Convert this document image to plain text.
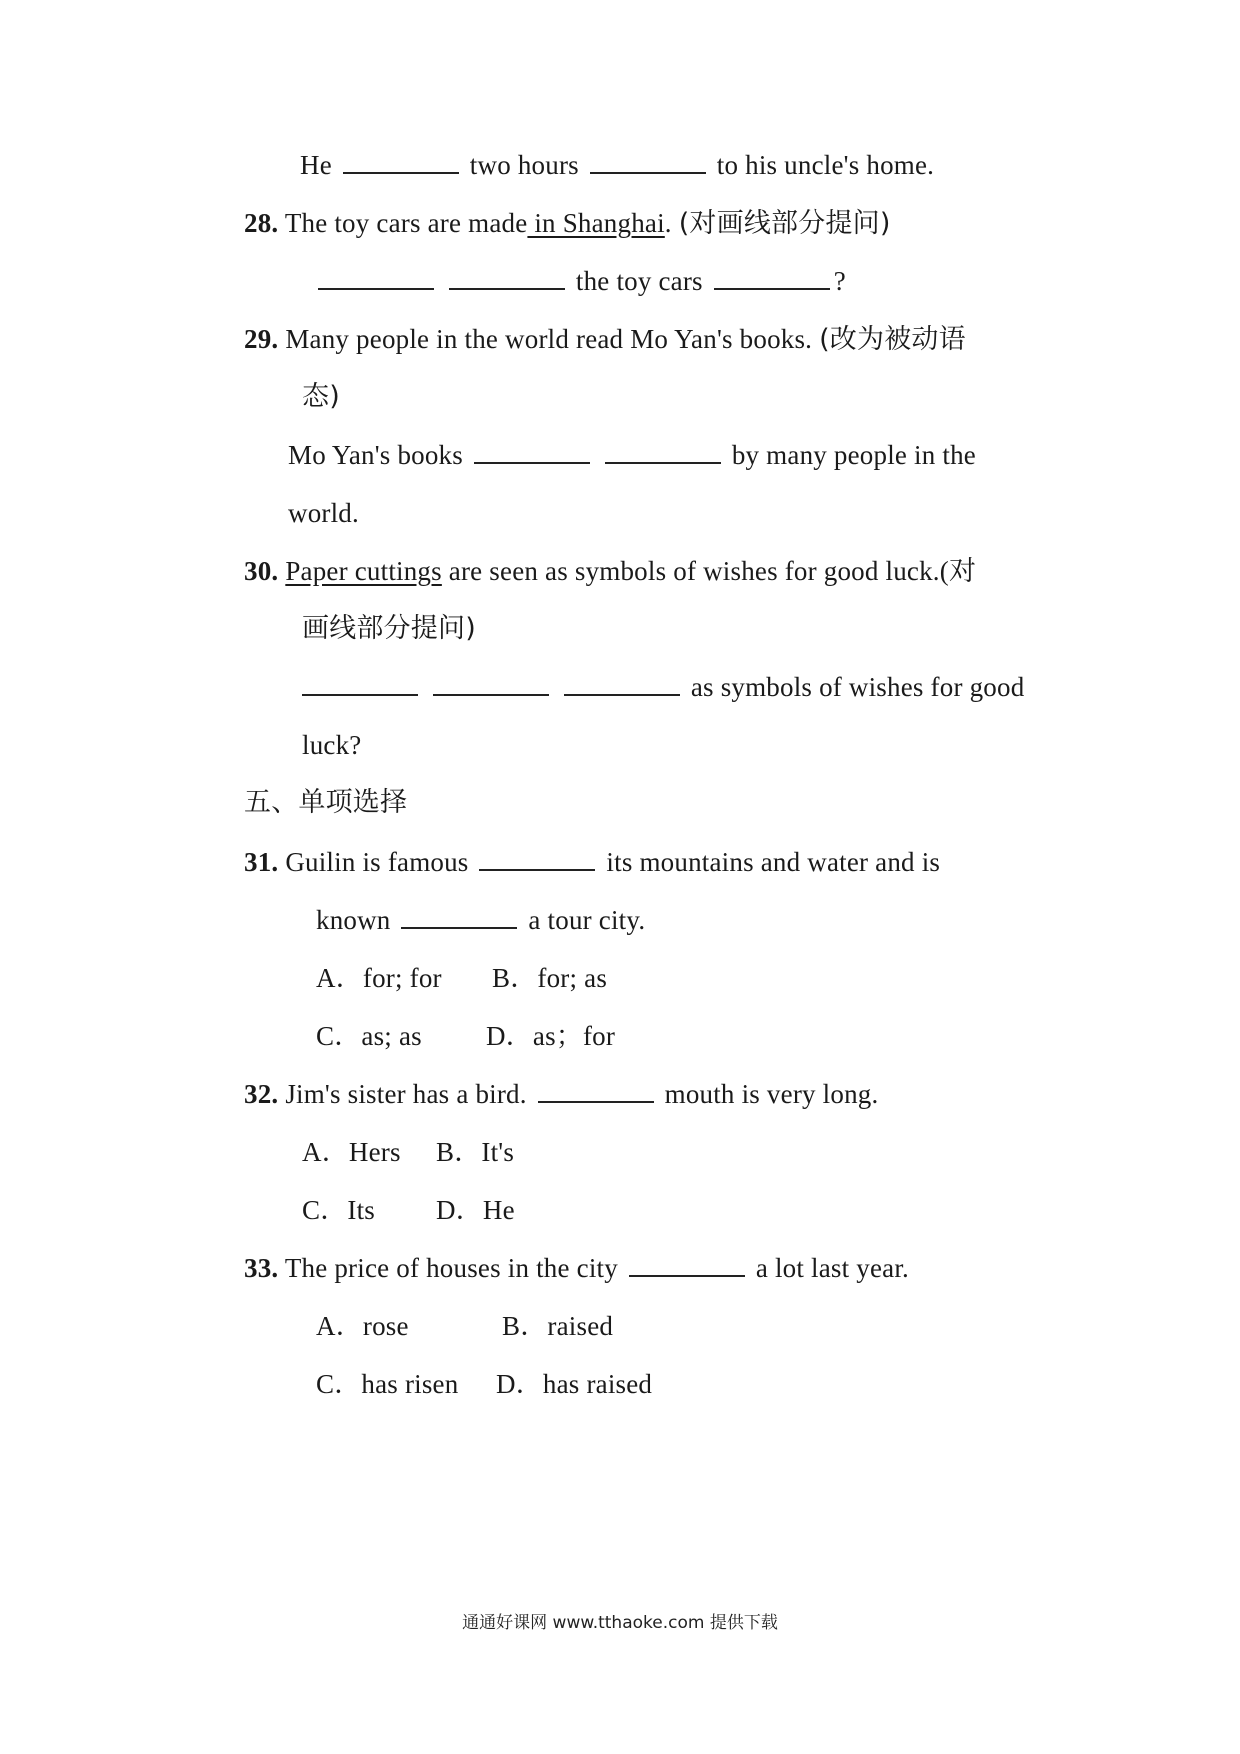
He	two hours	to his uncle's home.
28. The toy cars are made in Shanghai. (对画线部分提问)
the toy cars	?
29. Many people in the world read Mo Yan's books. (改为被动语
态)
Mo Yan's books	by many people in the
world.
30. Paper cuttings are seen as symbols of wishes for good luck.(对
画线部分提问)
as symbols of wishes for good
luck?
五、单项选择
31. Guilin is famous	its mountains and water and is
known	a tour city.
A．for; for B．for; as
C．as; as D．as；for
32. Jim's sister has a bird.	mouth is very long.
A．Hers B．It's
C．Its D．He
33. The price of houses in the city	a lot last year.
A．rose	B．raised
C．has risen D．has raised
通通好课网 www.tthaoke.com 提供下载
